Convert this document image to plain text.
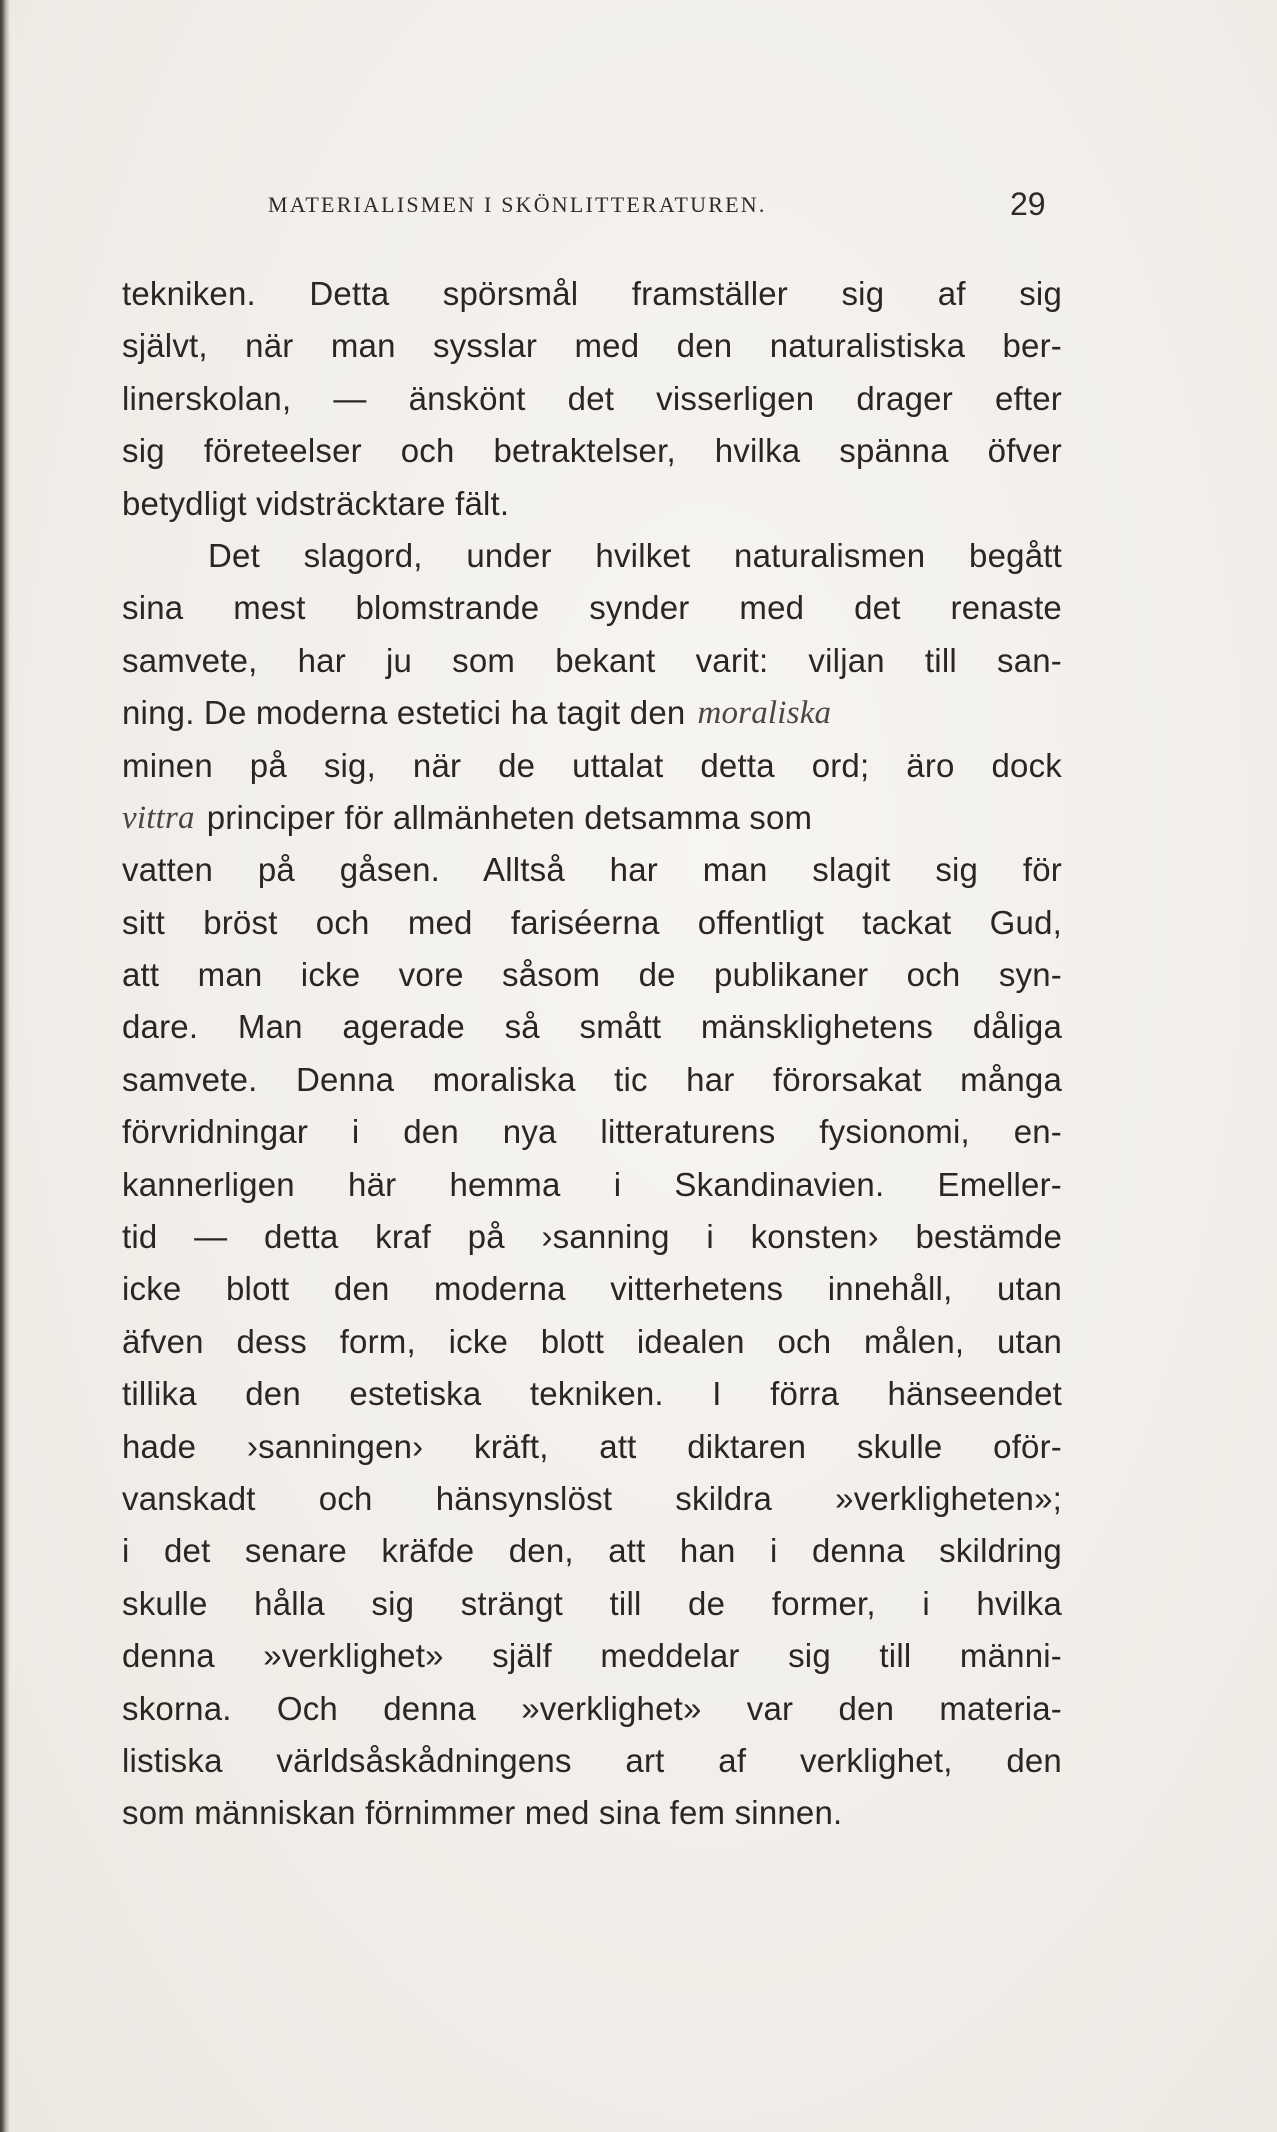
MATERIALISMEN I SKÖNLITTERATUREN.	29
tekniken. Detta spörsmål framställer sig af sig
självt, när man sysslar med den naturalistiska ber-
linerskolan, — änskönt det visserligen drager efter
sig företeelser och betraktelser, hvilka spänna öfver
betydligt vidsträcktare fält.
Det slagord, under hvilket naturalismen begått
sina mest blomstrande synder med det renaste
samvete, har ju som bekant varit: viljan till san-
ning. De moderna estetici ha tagit den moraliska
minen på sig, när de uttalat detta ord; äro dock
vittra principer för allmänheten detsamma som
vatten på gåsen. Alltså har man slagit sig för
sitt bröst och med fariséerna offentligt tackat Gud,
att man icke vore såsom de publikaner och syn-
dare. Man agerade så smått mänsklighetens dåliga
samvete. Denna moraliska tic har förorsakat många
förvridningar i den nya litteraturens fysionomi, en-
kannerligen här hemma i Skandinavien. Emeller-
tid — detta kraf på ›sanning i konsten› bestämde
icke blott den moderna vitterhetens innehåll, utan
äfven dess form, icke blott idealen och målen, utan
tillika den estetiska tekniken. I förra hänseendet
hade ›sanningen› kräft, att diktaren skulle oför-
vanskadt och hänsynslöst skildra »verkligheten»;
i det senare kräfde den, att han i denna skildring
skulle hålla sig strängt till de former, i hvilka
denna »verklighet» själf meddelar sig till männi-
skorna. Och denna »verklighet» var den materia-
listiska världsåskådningens art af verklighet, den
som människan förnimmer med sina fem sinnen.
